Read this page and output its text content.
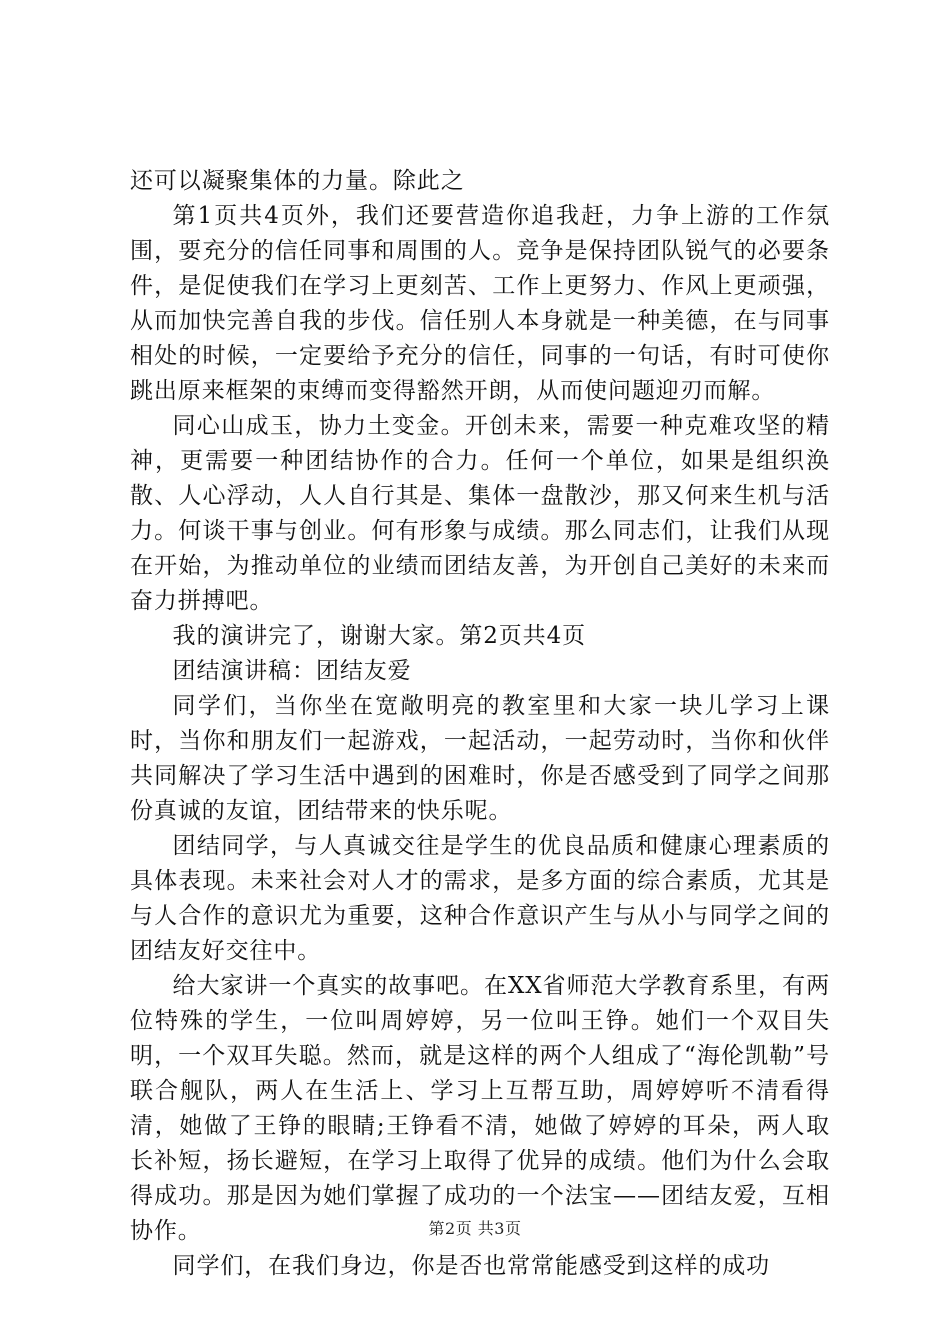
还可以凝聚集体的力量。除此之

第1页共4页外，我们还要营造你追我赶，力争上游的工作氛围，要充分的信任同事和周围的人。竞争是保持团队锐气的必要条件，是促使我们在学习上更刻苦、工作上更努力、作风上更顽强，从而加快完善自我的步伐。信任别人本身就是一种美德，在与同事相处的时候，一定要给予充分的信任，同事的一句话，有时可使你跳出原来框架的束缚而变得豁然开朗，从而使问题迎刃而解。

同心山成玉，协力土变金。开创未来，需要一种克难攻坚的精神，更需要一种团结协作的合力。任何一个单位，如果是组织涣散、人心浮动，人人自行其是、集体一盘散沙，那又何来生机与活力。何谈干事与创业。何有形象与成绩。那么同志们，让我们从现在开始，为推动单位的业绩而团结友善，为开创自己美好的未来而奋力拼搏吧。

我的演讲完了，谢谢大家。第2页共4页

团结演讲稿：团结友爱

同学们，当你坐在宽敞明亮的教室里和大家一块儿学习上课时，当你和朋友们一起游戏，一起活动，一起劳动时，当你和伙伴共同解决了学习生活中遇到的困难时，你是否感受到了同学之间那份真诚的友谊，团结带来的快乐呢。

团结同学，与人真诚交往是学生的优良品质和健康心理素质的具体表现。未来社会对人才的需求，是多方面的综合素质，尤其是与人合作的意识尤为重要，这种合作意识产生与从小与同学之间的团结友好交往中。

给大家讲一个真实的故事吧。在XX省师范大学教育系里，有两位特殊的学生，一位叫周婷婷，另一位叫王铮。她们一个双目失明，一个双耳失聪。然而，就是这样的两个人组成了“海伦凯勒”号联合舰队，两人在生活上、学习上互帮互助，周婷婷听不清看得清，她做了王铮的眼睛;王铮看不清，她做了婷婷的耳朵，两人取长补短，扬长避短，在学习上取得了优异的成绩。他们为什么会取得成功。那是因为她们掌握了成功的一个法宝——团结友爱，互相协作。

同学们，在我们身边，你是否也常常能感受到这样的成功

第2页 共3页
